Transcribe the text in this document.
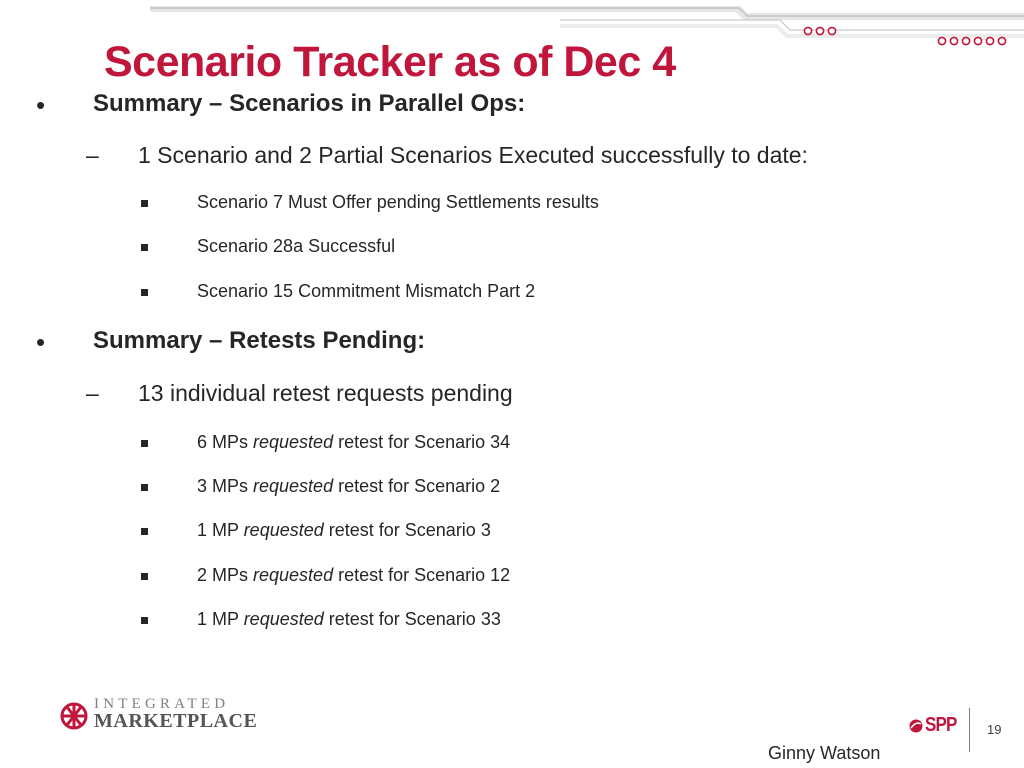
Scenario Tracker as of Dec 4
• Summary – Scenarios in Parallel Ops:
– 1 Scenario and 2 Partial Scenarios Executed successfully to date:
Scenario 7 Must Offer pending Settlements results
Scenario 28a Successful
Scenario 15 Commitment Mismatch Part 2
• Summary – Retests Pending:
– 13 individual retest requests pending
6 MPs requested retest for Scenario 34
3 MPs requested retest for Scenario 2
1 MP requested retest for Scenario 3
2 MPs requested retest for Scenario 12
1 MP requested retest for Scenario 33
INTEGRATED
MARKETPLACE	SPP 19
Ginny Watson
